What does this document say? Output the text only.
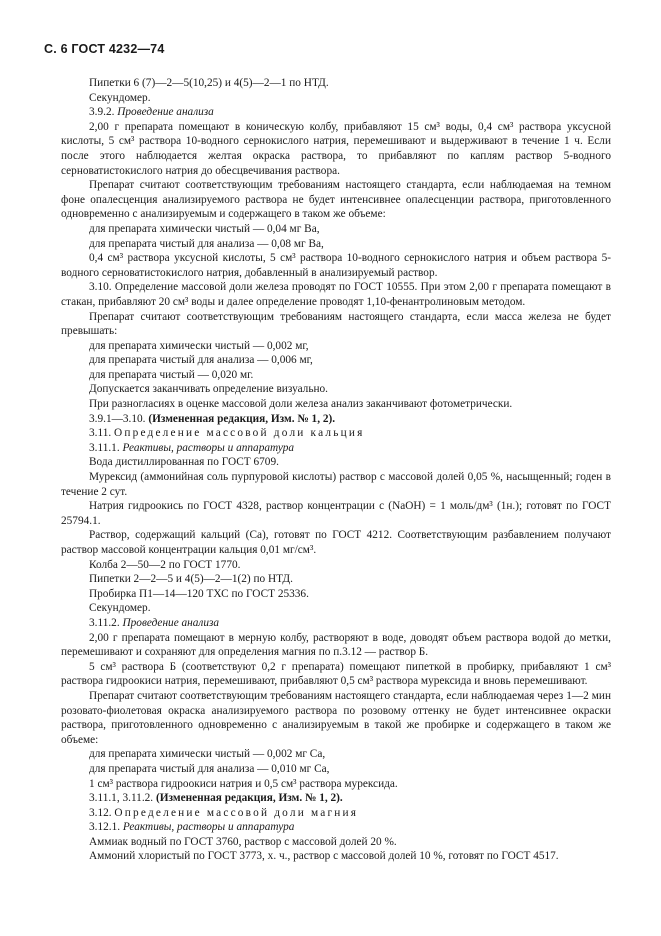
С. 6 ГОСТ 4232—74

Пипетки 6 (7)—2—5(10,25) и 4(5)—2—1 по НТД.

Секундомер.

3.9.2. Проведение анализа

2,00 г препарата помещают в коническую колбу, прибавляют 15 см³ воды, 0,4 см³ раствора уксусной кислоты, 5 см³ раствора 10-водного сернокислого натрия, перемешивают и выдерживают в течение 1 ч. Если после этого наблюдается желтая окраска раствора, то прибавляют по каплям раствор 5-водного серноватистокислого натрия до обесцвечивания раствора.

Препарат считают соответствующим требованиям настоящего стандарта, если наблюдаемая на темном фоне опалесценция анализируемого раствора не будет интенсивнее опалесценции раствора, приготовленного одновременно с анализируемым и содержащего в таком же объеме:

для препарата химически чистый — 0,04 мг Ва,

для препарата чистый для анализа — 0,08 мг Ва,

0,4 см³ раствора уксусной кислоты, 5 см³ раствора 10-водного сернокислого натрия и объем раствора 5-водного серноватистокислого натрия, добавленный в анализируемый раствор.

3.10. Определение массовой доли железа проводят по ГОСТ 10555. При этом 2,00 г препарата помещают в стакан, прибавляют 20 см³ воды и далее определение проводят 1,10-фенантролиновым методом.

Препарат считают соответствующим требованиям настоящего стандарта, если масса железа не будет превышать:

для препарата химически чистый — 0,002 мг,

для препарата чистый для анализа — 0,006 мг,

для препарата чистый — 0,020 мг.

Допускается заканчивать определение визуально.

При разногласиях в оценке массовой доли железа анализ заканчивают фотометрически.

3.9.1—3.10. (Измененная редакция, Изм. № 1, 2).

3.11. Определение массовой доли кальция

3.11.1. Реактивы, растворы и аппаратура

Вода дистиллированная по ГОСТ 6709.

Мурексид (аммонийная соль пурпуровой кислоты) раствор с массовой долей 0,05 %, насыщенный; годен в течение 2 сут.

Натрия гидроокись по ГОСТ 4328, раствор концентрации c (NaOH) = 1 моль/дм³ (1н.); готовят по ГОСТ 25794.1.

Раствор, содержащий кальций (Са), готовят по ГОСТ 4212. Соответствующим разбавлением получают раствор массовой концентрации кальция 0,01 мг/см³.

Колба 2—50—2 по ГОСТ 1770.

Пипетки 2—2—5 и 4(5)—2—1(2) по НТД.

Пробирка П1—14—120 ТХС по ГОСТ 25336.

Секундомер.

3.11.2. Проведение анализа

2,00 г препарата помещают в мерную колбу, растворяют в воде, доводят объем раствора водой до метки, перемешивают и сохраняют для определения магния по п.3.12 — раствор Б.

5 см³ раствора Б (соответствуют 0,2 г препарата) помещают пипеткой в пробирку, прибавляют 1 см³ раствора гидроокиси натрия, перемешивают, прибавляют 0,5 см³ раствора мурексида и вновь перемешивают.

Препарат считают соответствующим требованиям настоящего стандарта, если наблюдаемая через 1—2 мин розовато-фиолетовая окраска анализируемого раствора по розовому оттенку не будет интенсивнее окраски раствора, приготовленного одновременно с анализируемым в такой же пробирке и содержащего в таком же объеме:

для препарата химически чистый — 0,002 мг Са,

для препарата чистый для анализа — 0,010 мг Са,

1 см³ раствора гидроокиси натрия и 0,5 см³ раствора мурексида.

3.11.1, 3.11.2. (Измененная редакция, Изм. № 1, 2).

3.12. Определение массовой доли магния

3.12.1. Реактивы, растворы и аппаратура

Аммиак водный по ГОСТ 3760, раствор с массовой долей 20 %.

Аммоний хлористый по ГОСТ 3773, х. ч., раствор с массовой долей 10 %, готовят по ГОСТ 4517.
